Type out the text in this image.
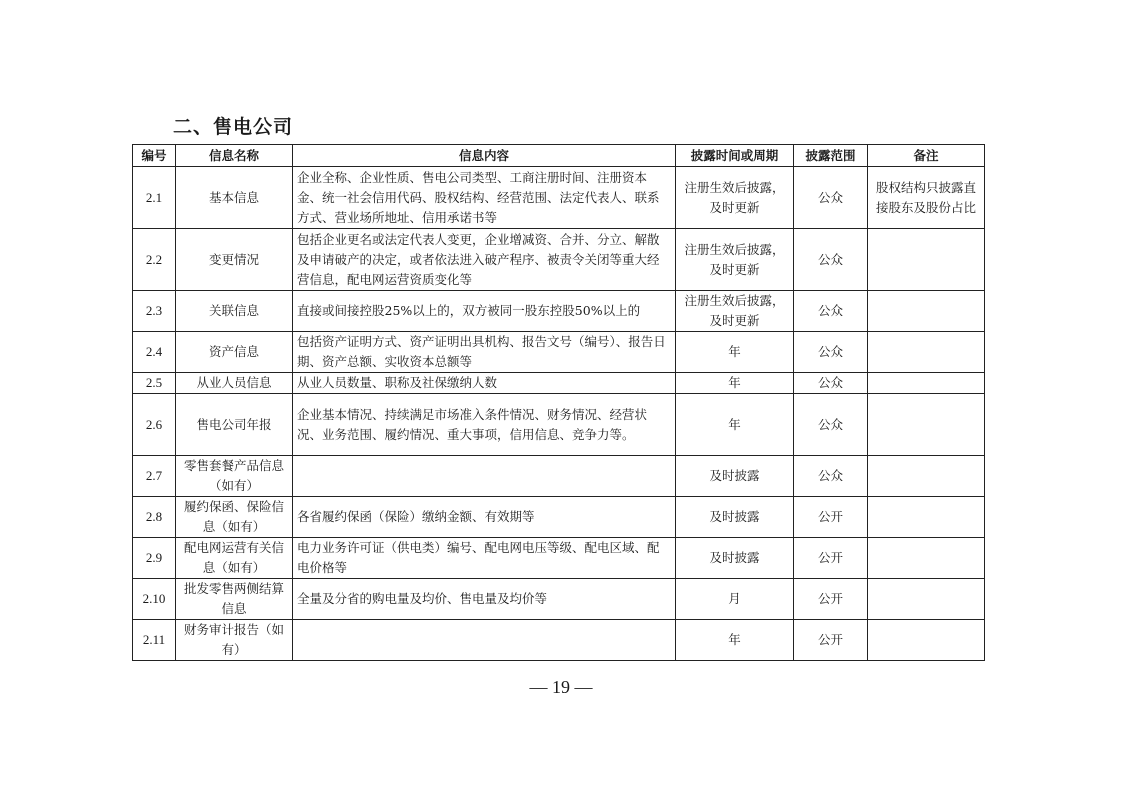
二、售电公司
编号	信息名称	信息内容	披露时间或周期	披露范围	备注
2.1	基本信息	企业全称、企业性质、售电公司类型、工商注册时间、注册资本金、统一社会信用代码、股权结构、经营范围、法定代表人、联系方式、营业场所地址、信用承诺书等	注册生效后披露，及时更新	公众	股权结构只披露直接股东及股份占比
2.2	变更情况	包括企业更名或法定代表人变更，企业增减资、合并、分立、解散及申请破产的决定，或者依法进入破产程序、被责令关闭等重大经营信息，配电网运营资质变化等	注册生效后披露，及时更新	公众	
2.3	关联信息	直接或间接控股25%以上的，双方被同一股东控股50%以上的	注册生效后披露，及时更新	公众	
2.4	资产信息	包括资产证明方式、资产证明出具机构、报告文号（编号）、报告日期、资产总额、实收资本总额等	年	公众	
2.5	从业人员信息	从业人员数量、职称及社保缴纳人数	年	公众	
2.6	售电公司年报	企业基本情况、持续满足市场准入条件情况、财务情况、经营状况、业务范围、履约情况、重大事项，信用信息、竞争力等。	年	公众	
2.7	零售套餐产品信息（如有）		及时披露	公众	
2.8	履约保函、保险信息（如有）	各省履约保函（保险）缴纳金额、有效期等	及时披露	公开	
2.9	配电网运营有关信息（如有）	电力业务许可证（供电类）编号、配电网电压等级、配电区域、配电价格等	及时披露	公开	
2.10	批发零售两侧结算信息	全量及分省的购电量及均价、售电量及均价等	月	公开	
2.11	财务审计报告（如有）		年	公开	
— 19 —
